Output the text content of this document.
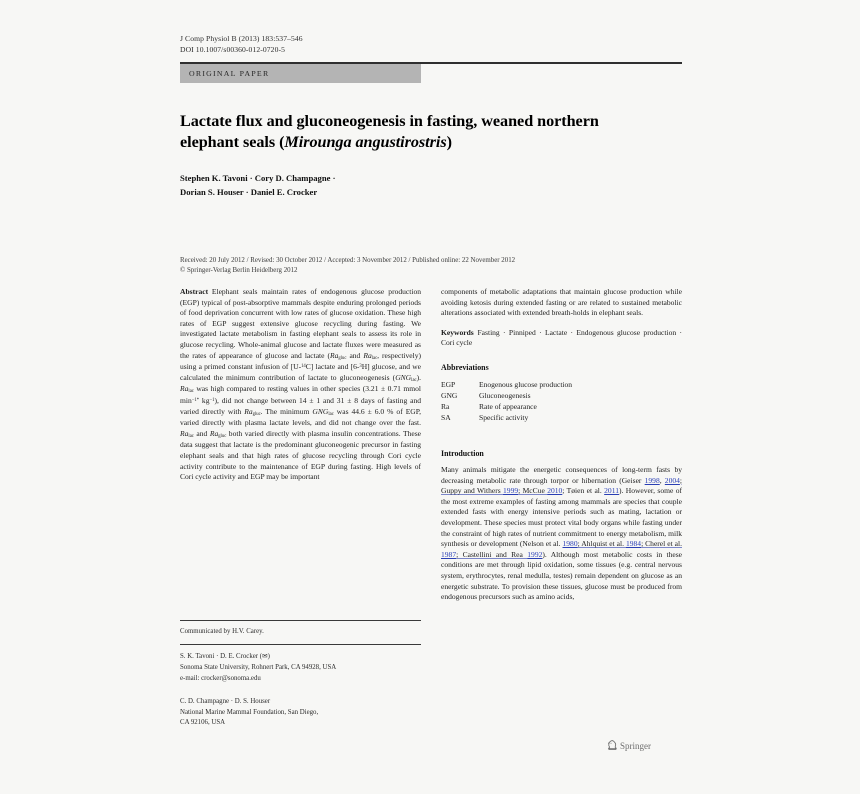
J Comp Physiol B (2013) 183:537–546
DOI 10.1007/s00360-012-0720-5
ORIGINAL PAPER
Lactate flux and gluconeogenesis in fasting, weaned northern
elephant seals (Mirounga angustirostris)
Stephen K. Tavoni · Cory D. Champagne ·
Dorian S. Houser · Daniel E. Crocker
Received: 20 July 2012 / Revised: 30 October 2012 / Accepted: 3 November 2012 / Published online: 22 November 2012
© Springer-Verlag Berlin Heidelberg 2012

Abstract  Elephant seals maintain rates of endogenous glucose production (EGP) typical of post-absorptive mammals despite enduring prolonged periods of food deprivation concurrent with low rates of glucose oxidation. These high rates of EGP suggest extensive glucose recycling during fasting. We investigated lactate metabolism in fasting elephant seals to assess its role in glucose recycling. Whole-animal glucose and lactate fluxes were measured as the rates of appearance of glucose and lactate ($Ra_{gluc}$ and $Ra_{lac}$, respectively) using a primed constant infusion of [U-$^{14}$C] lactate and [6-$^3$H] glucose, and we calculated the minimum contribution of lactate to gluconeogenesis $(GNG_{lac})$. $Ra_{lac}$ was high compared to resting values in other species (3.21 ± 0.71 mmol $\min^{-1*} kg^{-1}$), did not change between 14 ± 1 and 31 ± 8 days of fasting and varied directly with $Ra_{gluc}$. The minimum $GNG_{lac}$ was 44.6 ± 6.0 % of EGP, varied directly with plasma lactate levels, and did not change over the fast. $Ra_{lac}$ and $Ra_{gluc}$ both varied directly with plasma insulin concentrations. These data suggest that lactate is the predominant gluconeogenic precursor in fasting elephant seals and that high rates of glucose recycling through Cori cycle activity contribute to the maintenance of EGP during fasting. High levels of Cori cycle activity and EGP may be important

components of metabolic adaptations that maintain glucose production while avoiding ketosis during extended fasting or are related to sustained metabolic alterations associated with extended breath-holds in elephant seals.

Keywords  Fasting · Pinniped · Lactate · Endogenous glucose production · Cori cycle

Abbreviations
EGP	Enogenous glucose production
GNG	Gluconeogenesis
Ra	Rate of appearance
SA	Specific activity
Introduction

Many animals mitigate the energetic consequences of long-term fasts by decreasing metabolic rate through torpor or hibernation (Geiser 1998, 2004; Guppy and Withers 1999; McCue 2010; Tøien et al. 2011). However, some of the most extreme examples of fasting among mammals are species that couple extended fasts with energy intensive periods such as mating, lactation or development. These species must protect vital body organs while fasting under the constraint of high rates of nutrient commitment to energy metabolism, milk synthesis or development (Nelson et al. 1980; Ahlquist et al. 1984; Cherel et al. 1987; Castellini and Rea 1992). Although most metabolic costs in these conditions are met through lipid oxidation, some tissues (e.g. central nervous system, erythrocytes, renal medulla, testes) remain dependent on glucose as an energetic substrate. To provision these tissues, glucose must be produced from endogenous precursors such as amino acids,

Communicated by H.V. Carey.
S. K. Tavoni · D. E. Crocker (✉)
Sonoma State University, Rohnert Park, CA 94928, USA
e-mail: crocker@sonoma.edu
C. D. Champagne · D. S. Houser
National Marine Mammal Foundation, San Diego,
CA 92106, USA
Springer
